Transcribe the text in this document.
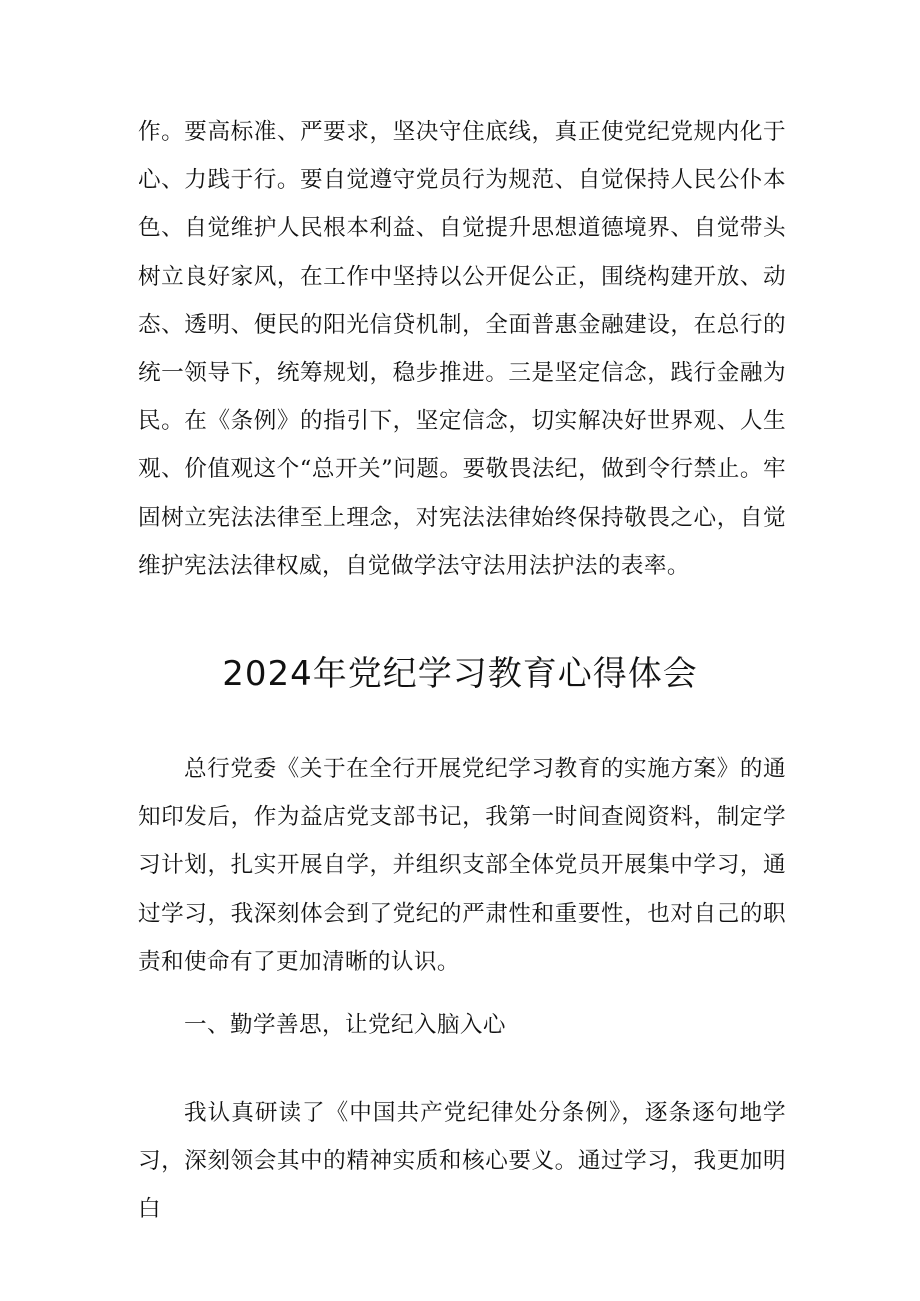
作。要高标准、严要求，坚决守住底线，真正使党纪党规内化于心、力践于行。要自觉遵守党员行为规范、自觉保持人民公仆本色、自觉维护人民根本利益、自觉提升思想道德境界、自觉带头树立良好家风，在工作中坚持以公开促公正，围绕构建开放、动态、透明、便民的阳光信贷机制，全面普惠金融建设，在总行的统一领导下，统筹规划，稳步推进。三是坚定信念，践行金融为民。在《条例》的指引下，坚定信念，切实解决好世界观、人生观、价值观这个“总开关”问题。要敬畏法纪，做到令行禁止。牢固树立宪法法律至上理念，对宪法法律始终保持敬畏之心，自觉维护宪法法律权威，自觉做学法守法用法护法的表率。

2024年党纪学习教育心得体会

总行党委《关于在全行开展党纪学习教育的实施方案》的通知印发后，作为益店党支部书记，我第一时间查阅资料，制定学习计划，扎实开展自学，并组织支部全体党员开展集中学习，通过学习，我深刻体会到了党纪的严肃性和重要性，也对自己的职责和使命有了更加清晰的认识。

一、勤学善思，让党纪入脑入心

我认真研读了《中国共产党纪律处分条例》，逐条逐句地学习，深刻领会其中的精神实质和核心要义。通过学习，我更加明白
